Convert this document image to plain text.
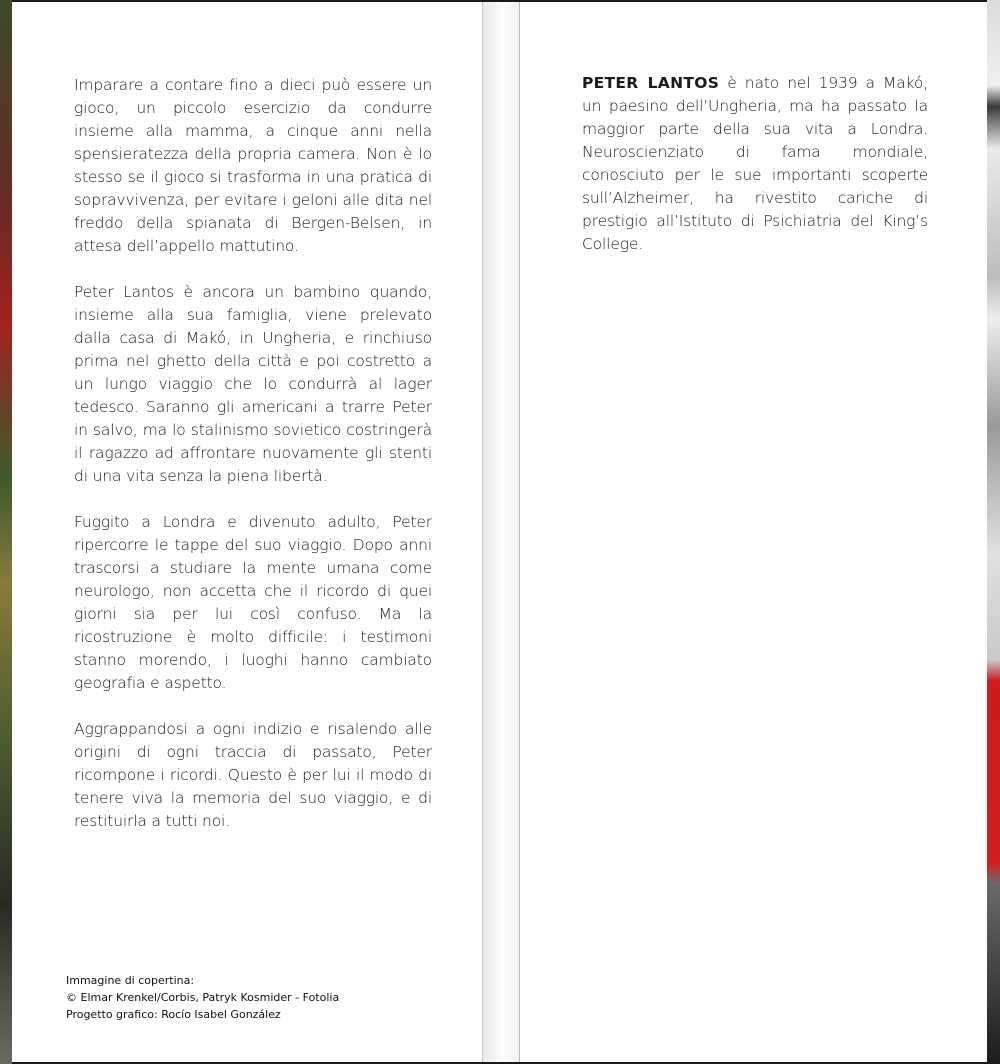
Imparare a contare fino a dieci può essere un gioco, un piccolo esercizio da condurre insieme alla mamma, a cinque anni nella spensieratezza della propria camera. Non è lo stesso se il gioco si trasforma in una pratica di sopravvivenza, per evitare i geloni alle dita nel freddo della spianata di Bergen-Belsen, in attesa dell’appello mattutino.

Peter Lantos è ancora un bambino quando, insieme alla sua famiglia, viene prelevato dalla casa di Makó, in Ungheria, e rinchiuso prima nel ghetto della città e poi costretto a un lungo viaggio che lo condurrà al lager tedesco. Saranno gli americani a trarre Peter in salvo, ma lo stalinismo sovietico costringerà il ragazzo ad affrontare nuovamente gli stenti di una vita senza la piena libertà.

Fuggito a Londra e divenuto adulto, Peter ripercorre le tappe del suo viaggio. Dopo anni trascorsi a studiare la mente umana come neurologo, non accetta che il ricordo di quei giorni sia per lui così confuso. Ma la ricostruzione è molto difficile: i testimoni stanno morendo, i luoghi hanno cambiato geografia e aspetto.

Aggrappandosi a ogni indizio e risalendo alle origini di ogni traccia di passato, Peter ricompone i ricordi. Questo è per lui il modo di tenere viva la memoria del suo viaggio, e di restituirla a tutti noi.

Immagine di copertina:
© Elmar Krenkel/Corbis, Patryk Kosmider - Fotolia
Progetto grafico: Rocío Isabel González

PETER LANTOS è nato nel 1939 a Makó, un paesino dell’Ungheria, ma ha passato la maggior parte della sua vita a Londra. Neuroscienziato di fama mondiale, conosciuto per le sue importanti scoperte sull’Alzheimer, ha rivestito cariche di prestigio all’Istituto di Psichiatria del King’s College.
